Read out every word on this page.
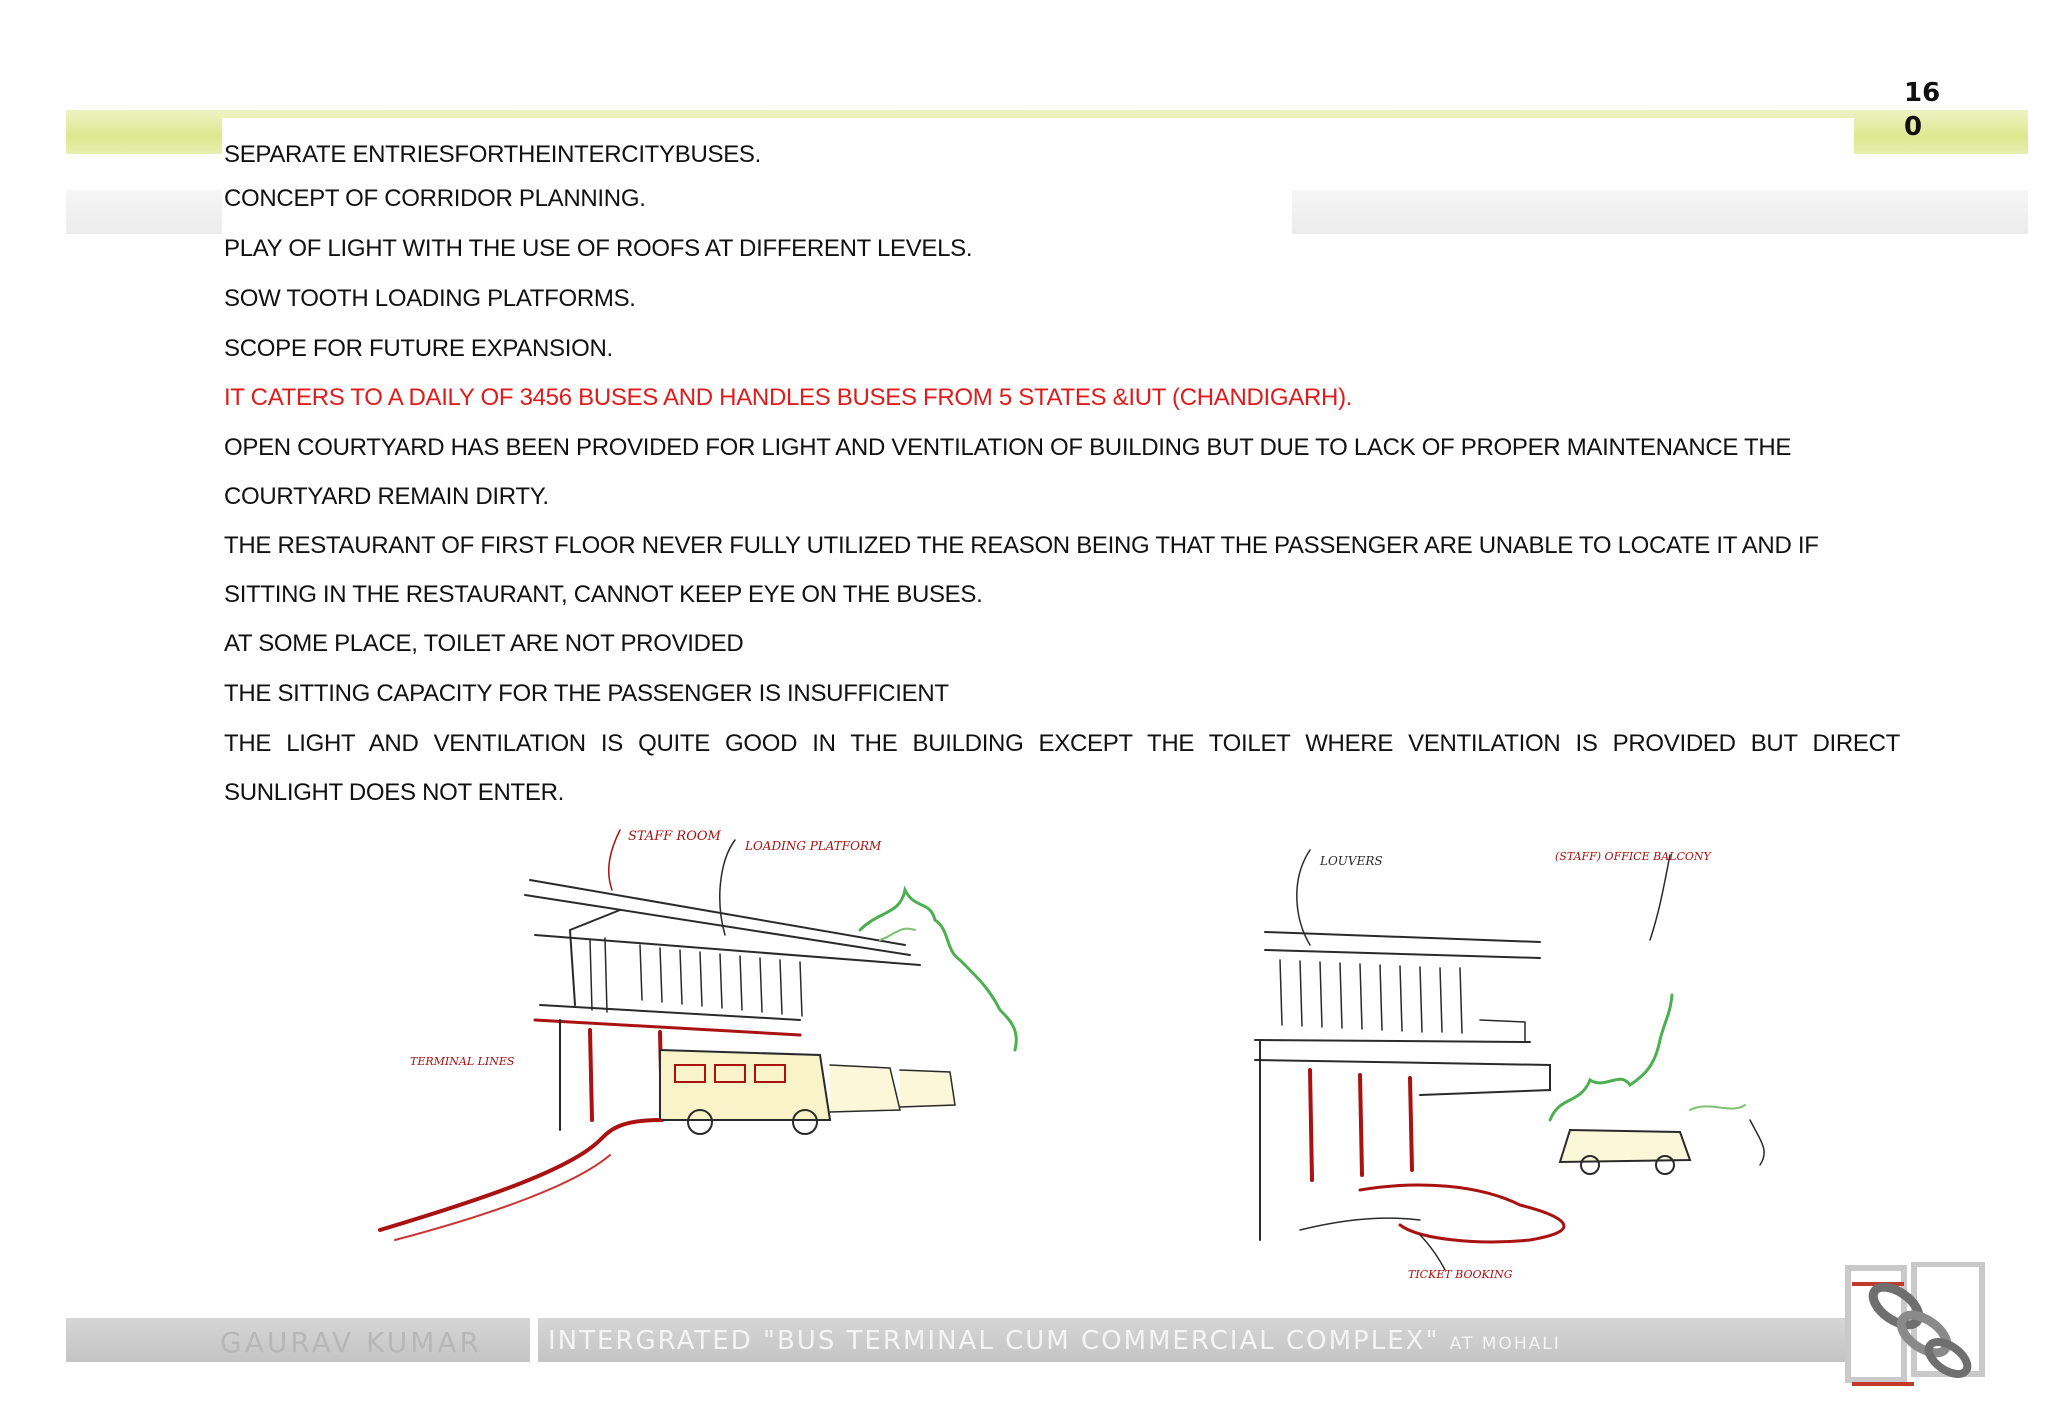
16
0
SEPARATE ENTRIESFORTHEINTERCITYBUSES.
CONCEPT OF CORRIDOR PLANNING.
PLAY OF LIGHT WITH THE USE OF ROOFS AT DIFFERENT LEVELS.
SOW TOOTH LOADING PLATFORMS.
SCOPE FOR FUTURE EXPANSION.
IT CATERS TO A DAILY OF 3456 BUSES AND HANDLES BUSES FROM 5 STATES &IUT (CHANDIGARH).
OPEN COURTYARD HAS BEEN PROVIDED FOR LIGHT AND VENTILATION OF BUILDING BUT DUE TO LACK OF PROPER MAINTENANCE THE
COURTYARD REMAIN DIRTY.
THE RESTAURANT OF FIRST FLOOR NEVER FULLY UTILIZED THE REASON BEING THAT THE PASSENGER ARE UNABLE TO LOCATE IT AND IF
SITTING IN THE RESTAURANT, CANNOT KEEP EYE ON THE BUSES.
AT SOME PLACE, TOILET ARE NOT PROVIDED
THE SITTING CAPACITY FOR THE PASSENGER IS INSUFFICIENT
THE LIGHT AND VENTILATION IS QUITE GOOD IN THE BUILDING EXCEPT THE TOILET WHERE VENTILATION IS PROVIDED BUT DIRECT
SUNLIGHT DOES NOT ENTER.
STAFF ROOM
LOADING PLATFORM
TERMINAL LINES
LOUVERS	(STAFF) OFFICE BALCONY
TICKET BOOKING
GAURAV KUMAR	INTERGRATED "BUS TERMINAL CUM COMMERCIAL COMPLEX" AT MOHALI
